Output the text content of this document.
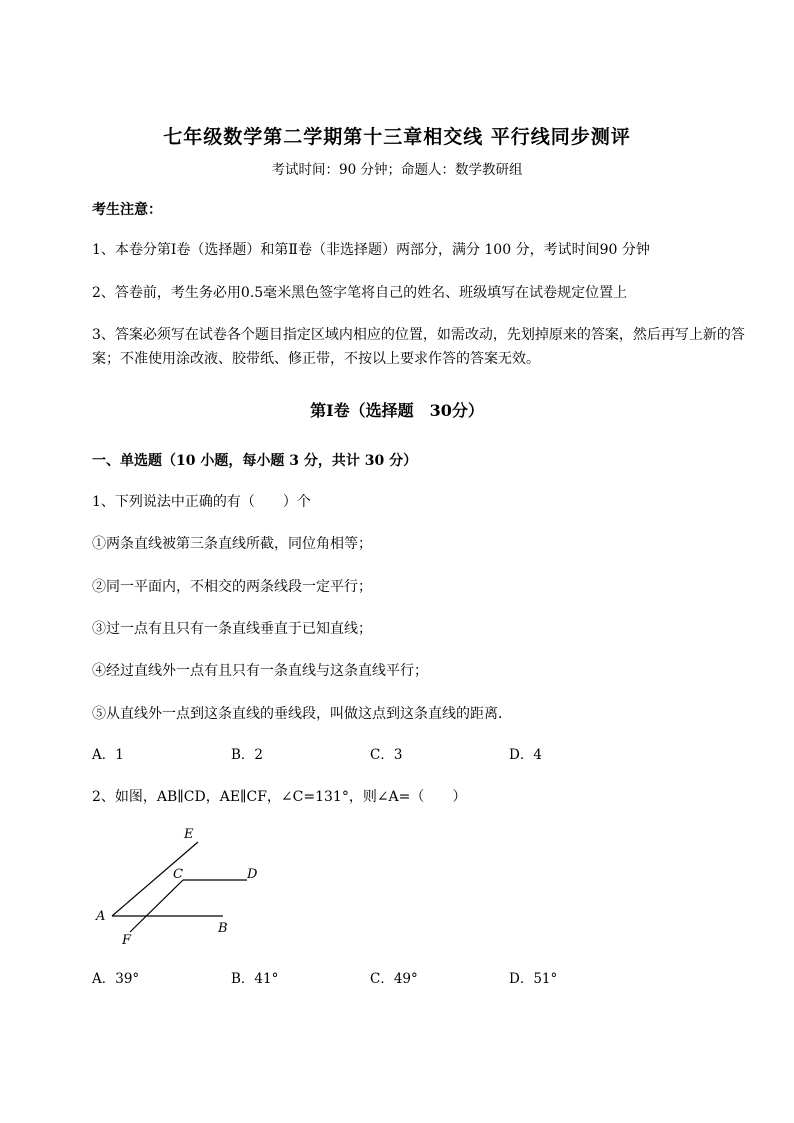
七年级数学第二学期第十三章相交线 平行线同步测评
考试时间：90 分钟；命题人：数学教研组
考生注意：
1、本卷分第Ⅰ卷（选择题）和第Ⅱ卷（非选择题）两部分，满分 100 分，考试时间90 分钟
2、答卷前，考生务必用0.5毫米黑色签字笔将自己的姓名、班级填写在试卷规定位置上
3、答案必须写在试卷各个题目指定区域内相应的位置，如需改动，先划掉原来的答案，然后再写上新的答案；不准使用涂改液、胶带纸、修正带，不按以上要求作答的答案无效。
第Ⅰ卷（选择题　30分）
一、单选题（10 小题，每小题 3 分，共计 30 分）
1、下列说法中正确的有（　　）个
①两条直线被第三条直线所截，同位角相等；
②同一平面内，不相交的两条线段一定平行；
③过一点有且只有一条直线垂直于已知直线；
④经过直线外一点有且只有一条直线与这条直线平行；
⑤从直线外一点到这条直线的垂线段，叫做这点到这条直线的距离．
A．1	B．2	C．3	D．4
2、如图，AB∥CD，AE∥CF，∠C=131°，则∠A=（　　）
E
C	D
A
F
B
A．39°	B．41°	C．49°	D．51°
